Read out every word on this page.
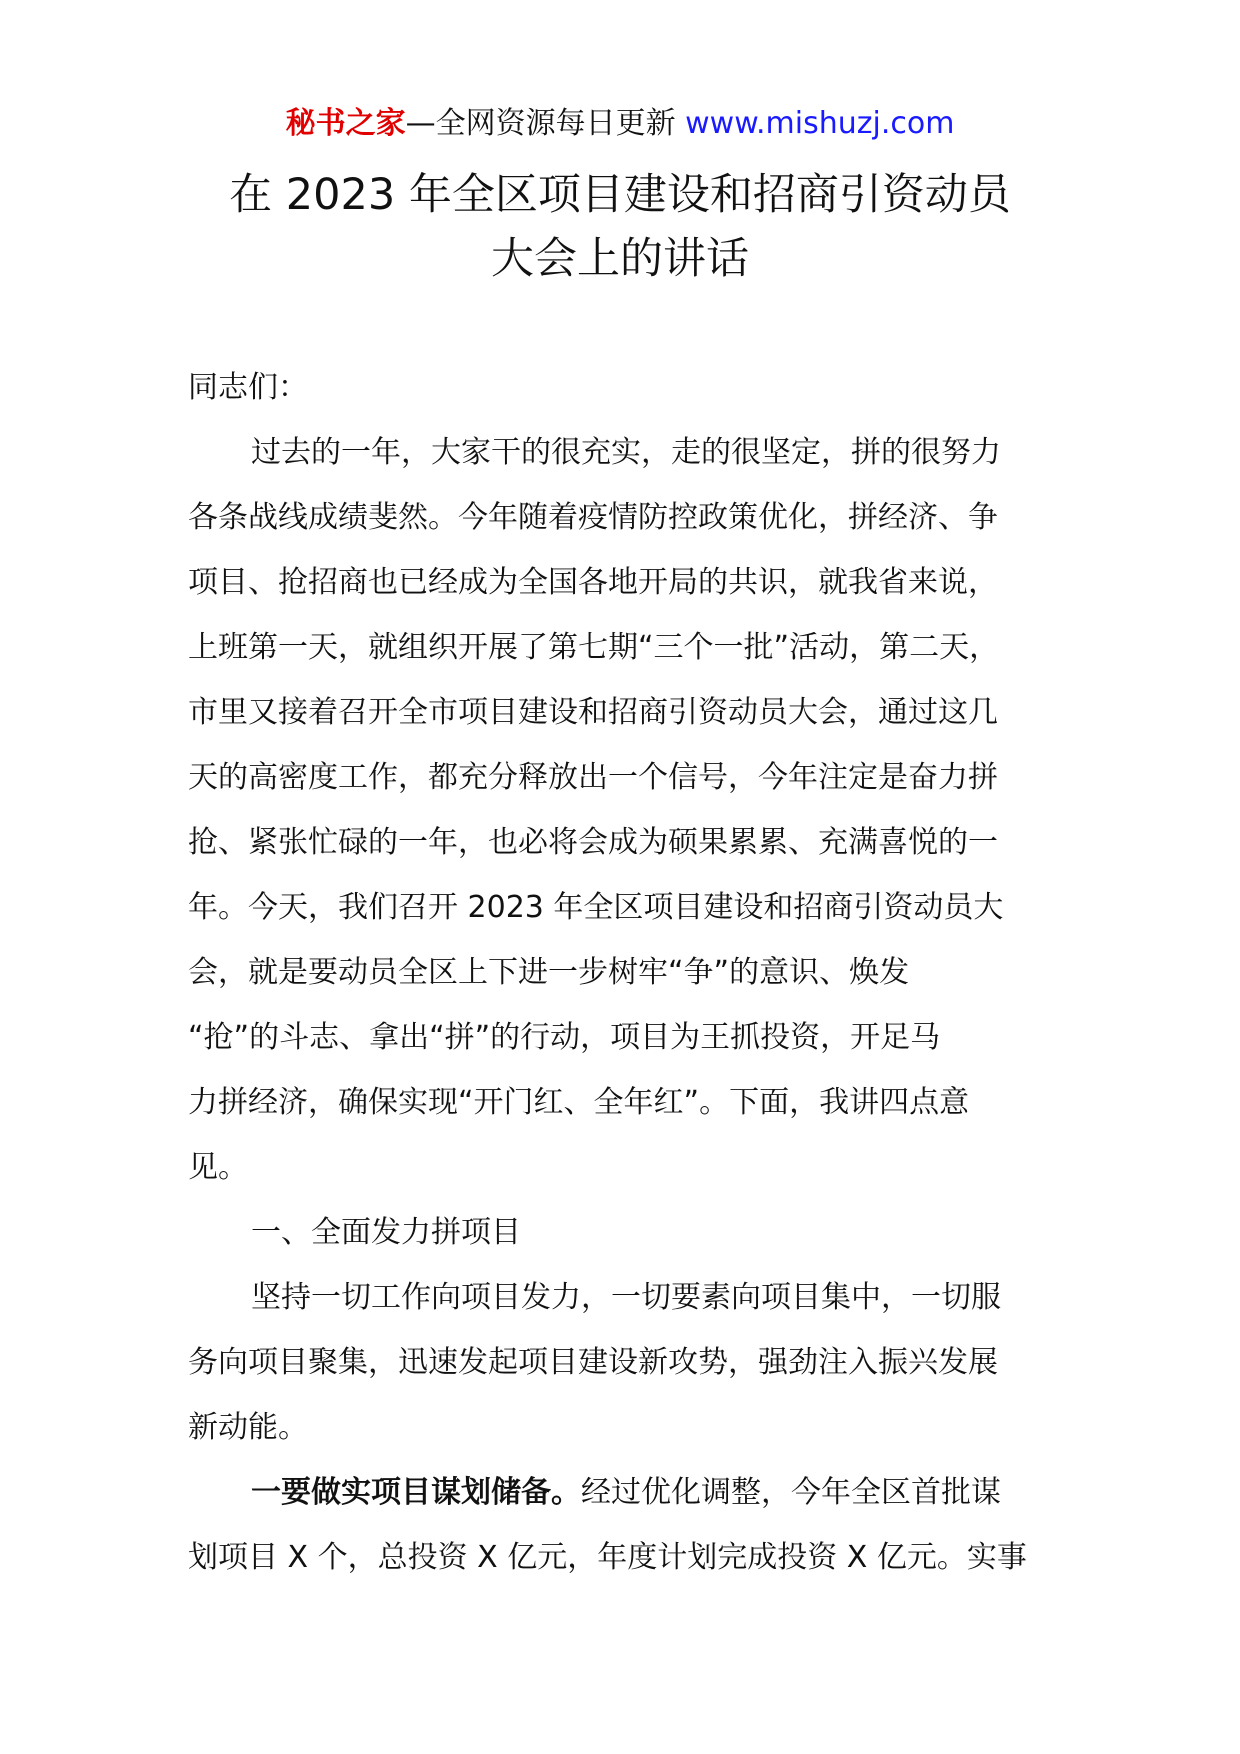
秘书之家—全网资源每日更新 www.mishuzj.com
在 2023 年全区项目建设和招商引资动员
大会上的讲话
同志们：
过去的一年，大家干的很充实，走的很坚定，拼的很努力
各条战线成绩斐然。今年随着疫情防控政策优化，拼经济、争
项目、抢招商也已经成为全国各地开局的共识，就我省来说，
上班第一天，就组织开展了第七期“三个一批”活动，第二天，
市里又接着召开全市项目建设和招商引资动员大会，通过这几
天的高密度工作，都充分释放出一个信号，今年注定是奋力拼
抢、紧张忙碌的一年，也必将会成为硕果累累、充满喜悦的一
年。今天，我们召开 2023 年全区项目建设和招商引资动员大
会，就是要动员全区上下进一步树牢“争”的意识、焕发
“抢”的斗志、拿出“拼”的行动，项目为王抓投资，开足马
力拼经济，确保实现“开门红、全年红”。下面，我讲四点意
见。
一、全面发力拼项目
坚持一切工作向项目发力，一切要素向项目集中，一切服
务向项目聚集，迅速发起项目建设新攻势，强劲注入振兴发展
新动能。
一要做实项目谋划储备。经过优化调整，今年全区首批谋
划项目 X 个，总投资 X 亿元，年度计划完成投资 X 亿元。实事
